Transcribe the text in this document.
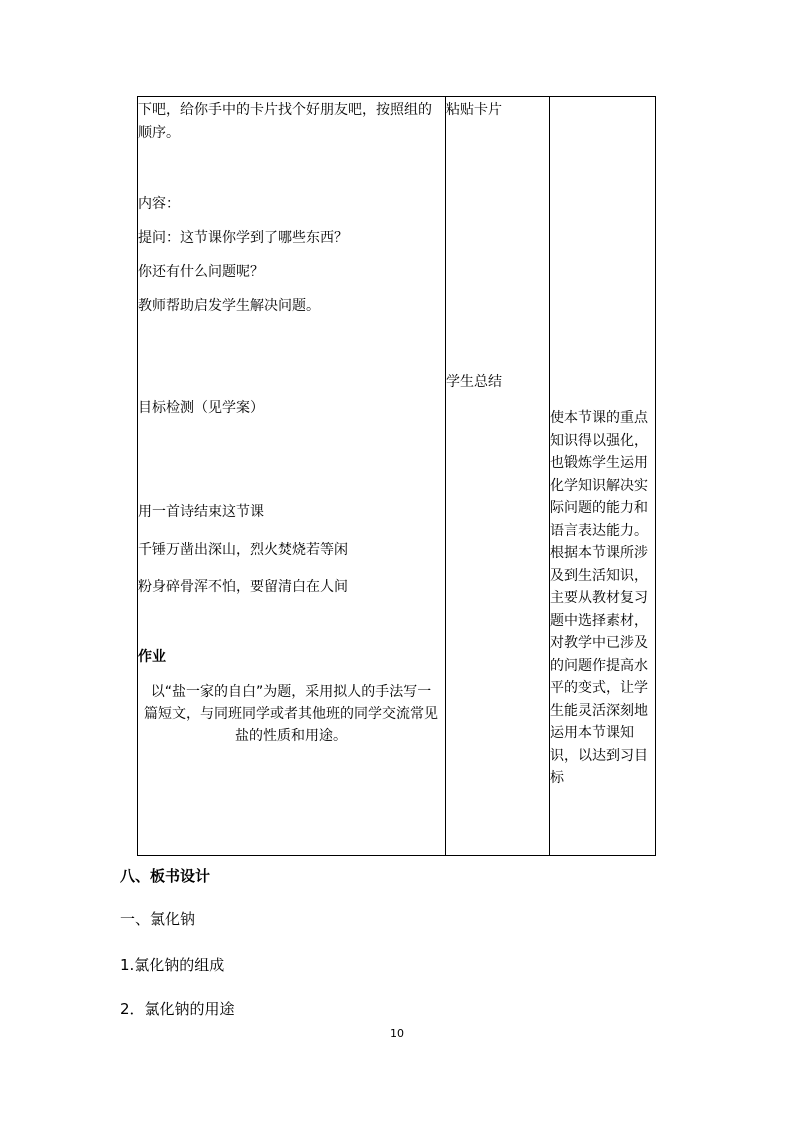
下吧，给你手中的卡片找个好朋友吧，按照组的
顺序。
内容：
提问：这节课你学到了哪些东西？
你还有什么问题呢？
教师帮助启发学生解决问题。
目标检测（见学案）
用一首诗结束这节课
千锤万凿出深山，烈火焚烧若等闲
粉身碎骨浑不怕，要留清白在人间
作业
以“盐一家的自白”为题，采用拟人的手法写一
篇短文，与同班同学或者其他班的同学交流常见
盐的性质和用途。
粘贴卡片
学生总结
使本节课的重点
知识得以强化，
也锻炼学生运用
化学知识解决实
际问题的能力和
语言表达能力。
根据本节课所涉
及到生活知识，
主要从教材复习
题中选择素材，
对教学中已涉及
的问题作提高水
平的变式，让学
生能灵活深刻地
运用本节课知
识，以达到习目
标
八、板书设计
一、氯化钠
1.氯化钠的组成
2．氯化钠的用途
10
